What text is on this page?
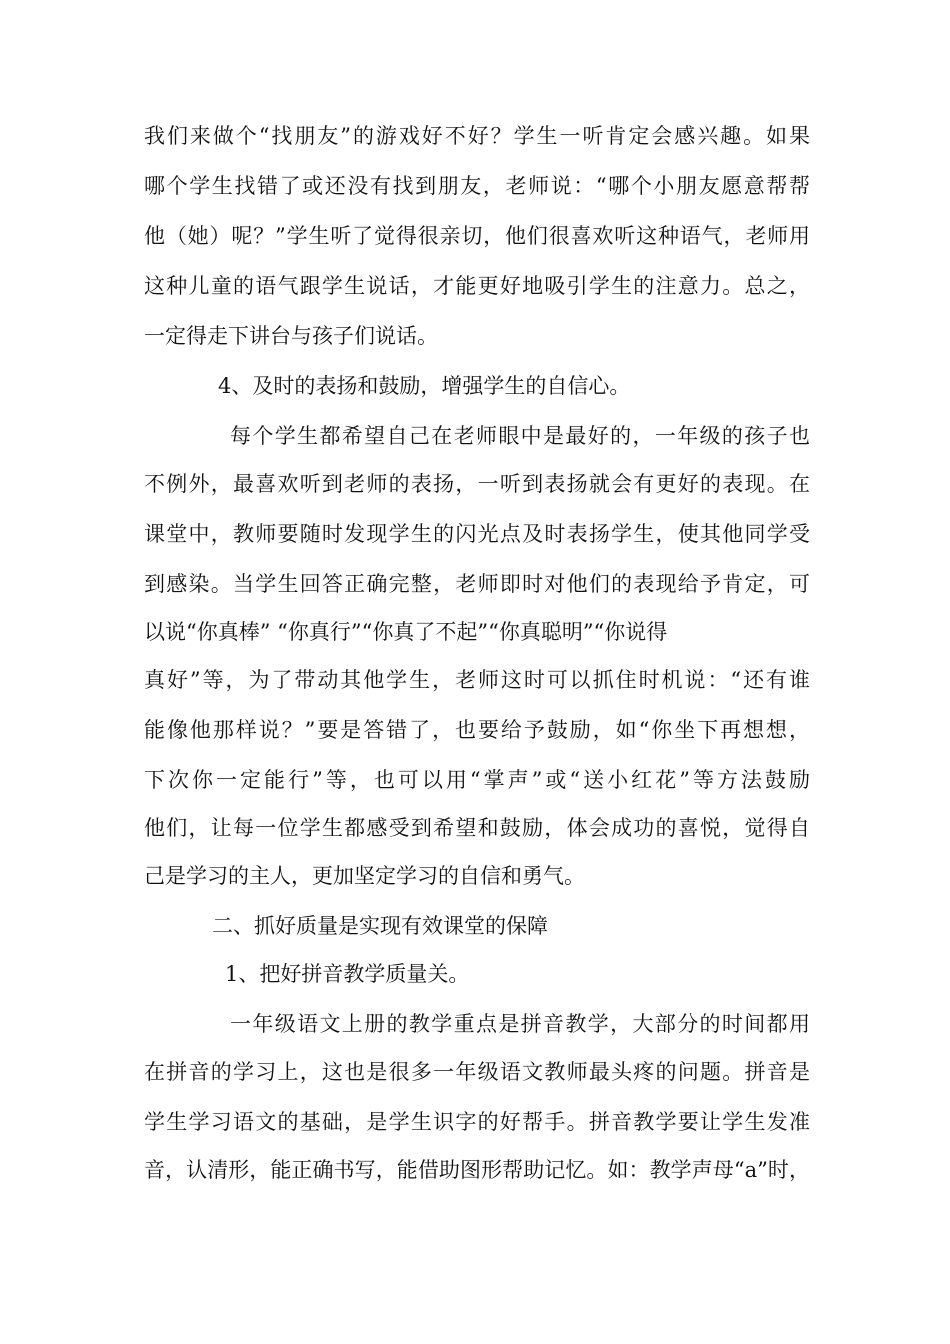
我们来做个“找朋友”的游戏好不好？学生一听肯定会感兴趣。如果
哪个学生找错了或还没有找到朋友，老师说：“哪个小朋友愿意帮帮
他（她）呢？”学生听了觉得很亲切，他们很喜欢听这种语气，老师用
这种儿童的语气跟学生说话，才能更好地吸引学生的注意力。总之，
一定得走下讲台与孩子们说话。
4、及时的表扬和鼓励，增强学生的自信心。
每个学生都希望自己在老师眼中是最好的，一年级的孩子也
不例外，最喜欢听到老师的表扬，一听到表扬就会有更好的表现。在
课堂中，教师要随时发现学生的闪光点及时表扬学生，使其他同学受
到感染。当学生回答正确完整，老师即时对他们的表现给予肯定，可
以说“你真棒” “你真行”“你真了不起”“你真聪明”“你说得
真好”等，为了带动其他学生，老师这时可以抓住时机说：“还有谁
能像他那样说？”要是答错了，也要给予鼓励，如“你坐下再想想，
下次你一定能行”等，也可以用“掌声”或“送小红花”等方法鼓励
他们，让每一位学生都感受到希望和鼓励，体会成功的喜悦，觉得自
己是学习的主人，更加坚定学习的自信和勇气。
二、抓好质量是实现有效课堂的保障
1、把好拼音教学质量关。
一年级语文上册的教学重点是拼音教学，大部分的时间都用
在拼音的学习上，这也是很多一年级语文教师最头疼的问题。拼音是
学生学习语文的基础，是学生识字的好帮手。拼音教学要让学生发准
音，认清形，能正确书写，能借助图形帮助记忆。如：教学声母“a”时，
